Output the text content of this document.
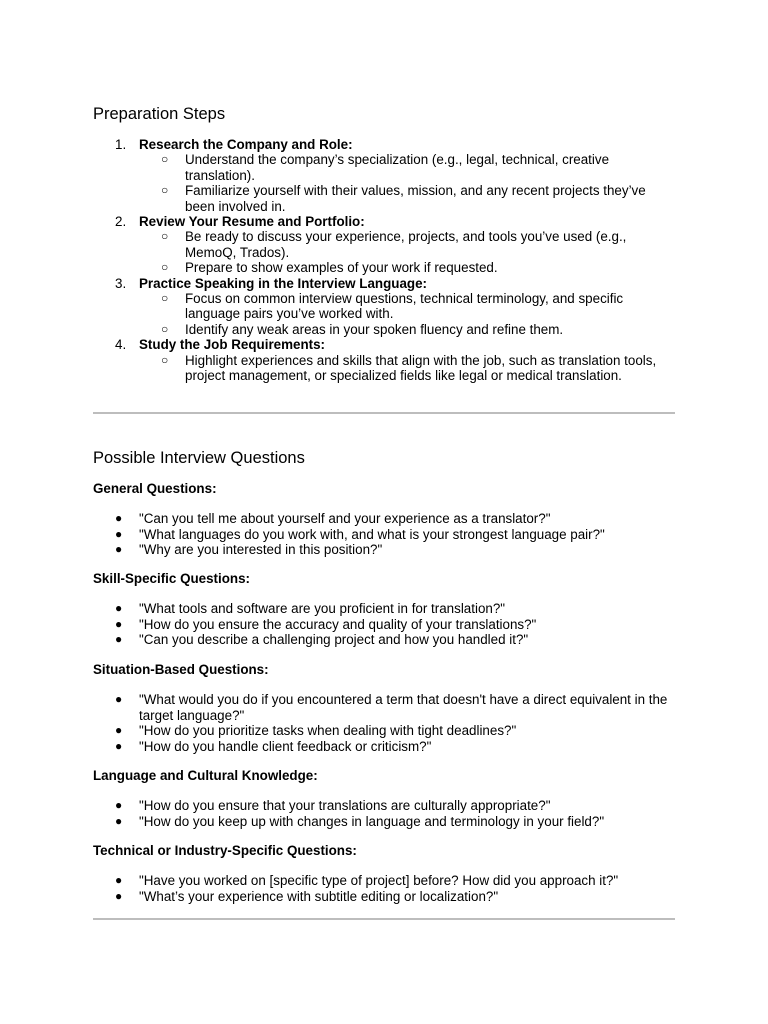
Preparation Steps
1. Research the Company and Role:
○ Understand the company’s specialization (e.g., legal, technical, creative translation).
○ Familiarize yourself with their values, mission, and any recent projects they’ve been involved in.
2. Review Your Resume and Portfolio:
○ Be ready to discuss your experience, projects, and tools you’ve used (e.g., MemoQ, Trados).
○ Prepare to show examples of your work if requested.
3. Practice Speaking in the Interview Language:
○ Focus on common interview questions, technical terminology, and specific language pairs you’ve worked with.
○ Identify any weak areas in your spoken fluency and refine them.
4. Study the Job Requirements:
○ Highlight experiences and skills that align with the job, such as translation tools, project management, or specialized fields like legal or medical translation.
Possible Interview Questions
General Questions:
● "Can you tell me about yourself and your experience as a translator?"
● "What languages do you work with, and what is your strongest language pair?"
● "Why are you interested in this position?"
Skill-Specific Questions:
● "What tools and software are you proficient in for translation?"
● "How do you ensure the accuracy and quality of your translations?"
● "Can you describe a challenging project and how you handled it?"
Situation-Based Questions:
● "What would you do if you encountered a term that doesn't have a direct equivalent in the target language?"
● "How do you prioritize tasks when dealing with tight deadlines?"
● "How do you handle client feedback or criticism?"
Language and Cultural Knowledge:
● "How do you ensure that your translations are culturally appropriate?"
● "How do you keep up with changes in language and terminology in your field?"
Technical or Industry-Specific Questions:
● "Have you worked on [specific type of project] before? How did you approach it?"
● "What’s your experience with subtitle editing or localization?"
